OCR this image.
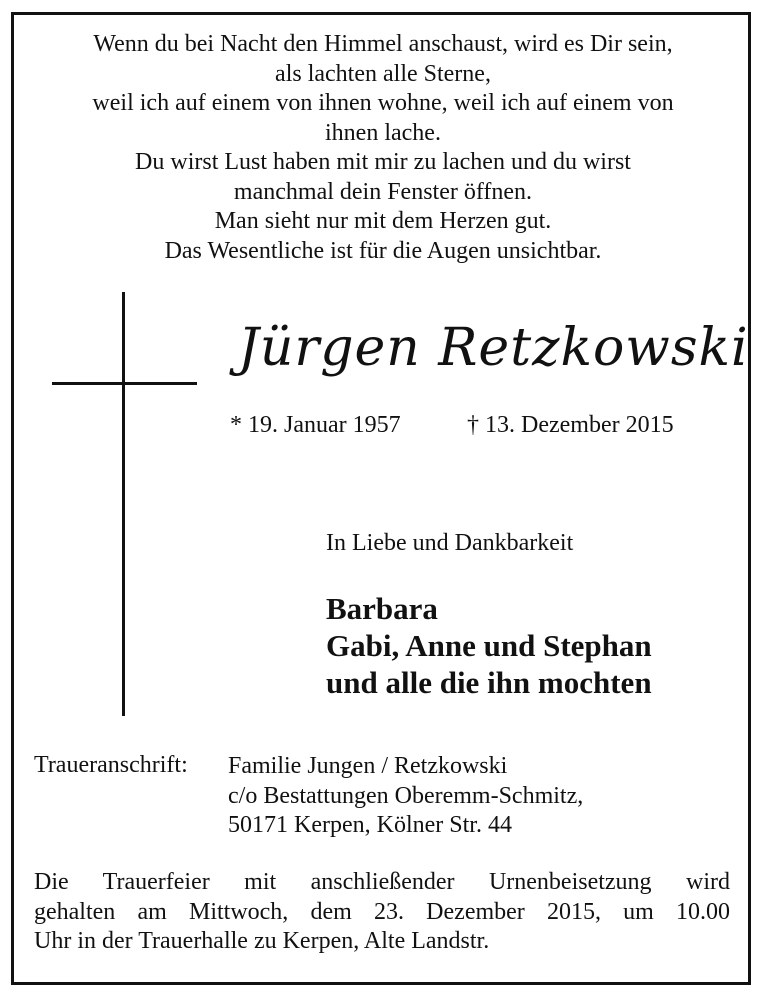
Wenn du bei Nacht den Himmel anschaust, wird es Dir sein,
als lachten alle Sterne,
weil ich auf einem von ihnen wohne, weil ich auf einem von
ihnen lache.
Du wirst Lust haben mit mir zu lachen und du wirst
manchmal dein Fenster öffnen.
Man sieht nur mit dem Herzen gut.
Das Wesentliche ist für die Augen unsichtbar.
Jürgen Retzkowski
* 19. Januar 1957	† 13. Dezember 2015
In Liebe und Dankbarkeit
Barbara
Gabi, Anne und Stephan
und alle die ihn mochten
Traueranschrift: Familie Jungen / Retzkowski
c/o Bestattungen Oberemm-Schmitz,
50171 Kerpen, Kölner Str. 44
Die Trauerfeier mit anschließender Urnenbeisetzung wird
gehalten am Mittwoch, dem 23. Dezember 2015, um 10.00
Uhr in der Trauerhalle zu Kerpen, Alte Landstr.
